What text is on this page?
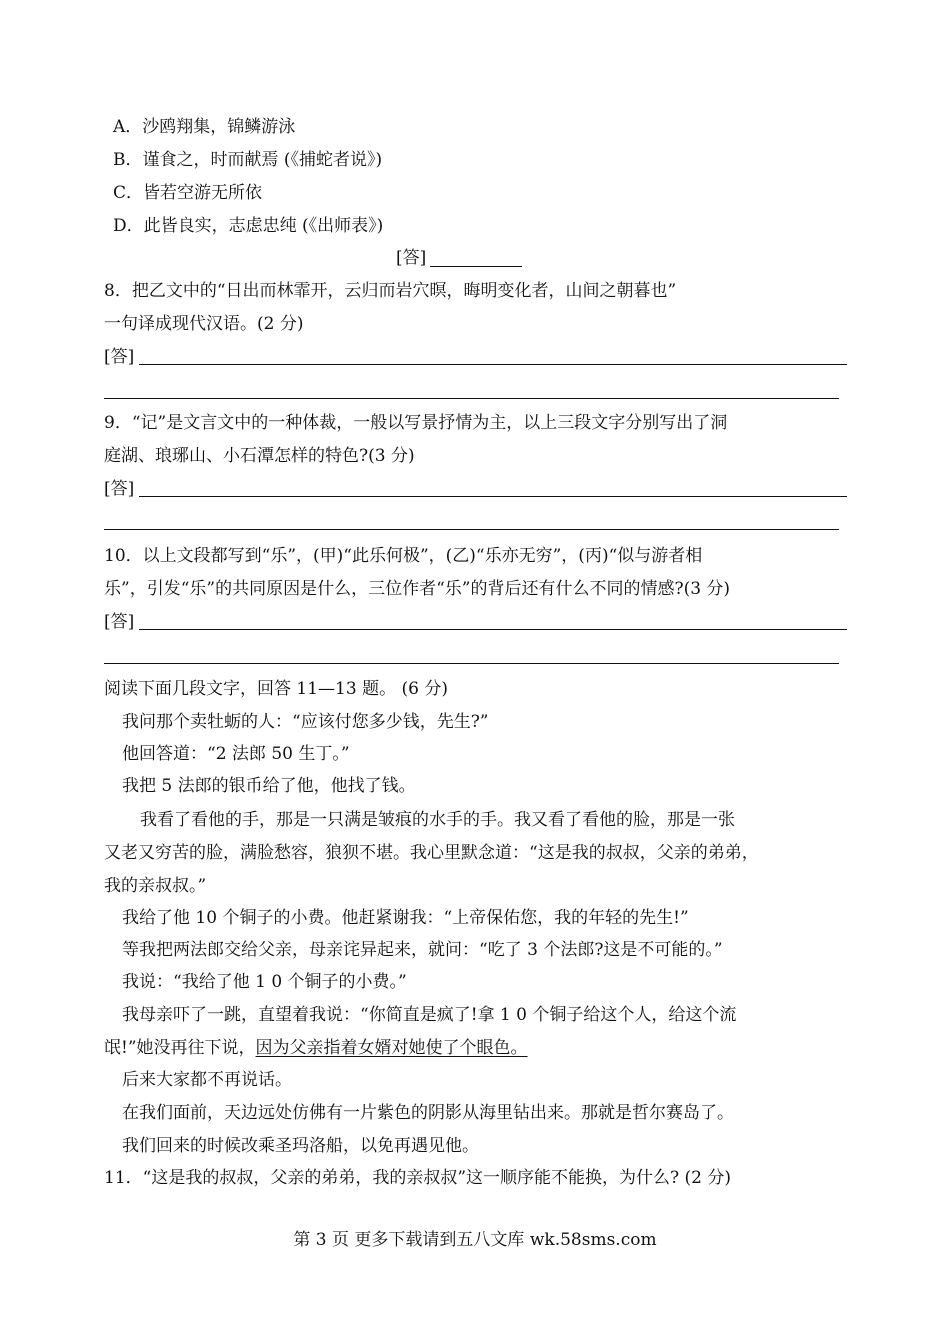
A．沙鸥翔集，锦鳞游泳
B．谨食之，时而献焉 (《捕蛇者说》)
C．皆若空游无所依
D．此皆良实，志虑忠纯 (《出师表》)
[答]
8．把乙文中的“日出而林霏开，云归而岩穴暝，晦明变化者，山间之朝暮也”
一句译成现代汉语。(2 分)
[答]
9．“记”是文言文中的一种体裁，一般以写景抒情为主，以上三段文字分别写出了洞
庭湖、琅琊山、小石潭怎样的特色?(3 分)
[答]
10．以上文段都写到“乐”，(甲)“此乐何极”，(乙)“乐亦无穷”，(丙)“似与游者相
乐”，引发“乐”的共同原因是什么，三位作者“乐”的背后还有什么不同的情感?(3 分)
[答]
阅读下面几段文字，回答 11—13 题。 (6 分)
我问那个卖牡蛎的人：“应该付您多少钱，先生?”
他回答道：“2 法郎 50 生丁。”
我把 5 法郎的银币给了他，他找了钱。
我看了看他的手，那是一只满是皱痕的水手的手。我又看了看他的脸，那是一张
又老又穷苦的脸，满脸愁容，狼狈不堪。我心里默念道：“这是我的叔叔，父亲的弟弟，
我的亲叔叔。”
我给了他 10 个铜子的小费。他赶紧谢我：“上帝保佑您，我的年轻的先生!”
等我把两法郎交给父亲，母亲诧异起来，就问：“吃了 3 个法郎?这是不可能的。”
我说：“我给了他 1 0 个铜子的小费。”
我母亲吓了一跳，直望着我说：“你简直是疯了!拿 1 0 个铜子给这个人，给这个流
氓!”她没再往下说，因为父亲指着女婿对她使了个眼色。
后来大家都不再说话。
在我们面前，天边远处仿佛有一片紫色的阴影从海里钻出来。那就是哲尔赛岛了。
我们回来的时候改乘圣玛洛船，以免再遇见他。
11．“这是我的叔叔，父亲的弟弟，我的亲叔叔”这一顺序能不能换，为什么? (2 分)
第 3 页 更多下载请到五八文库 wk.58sms.com
